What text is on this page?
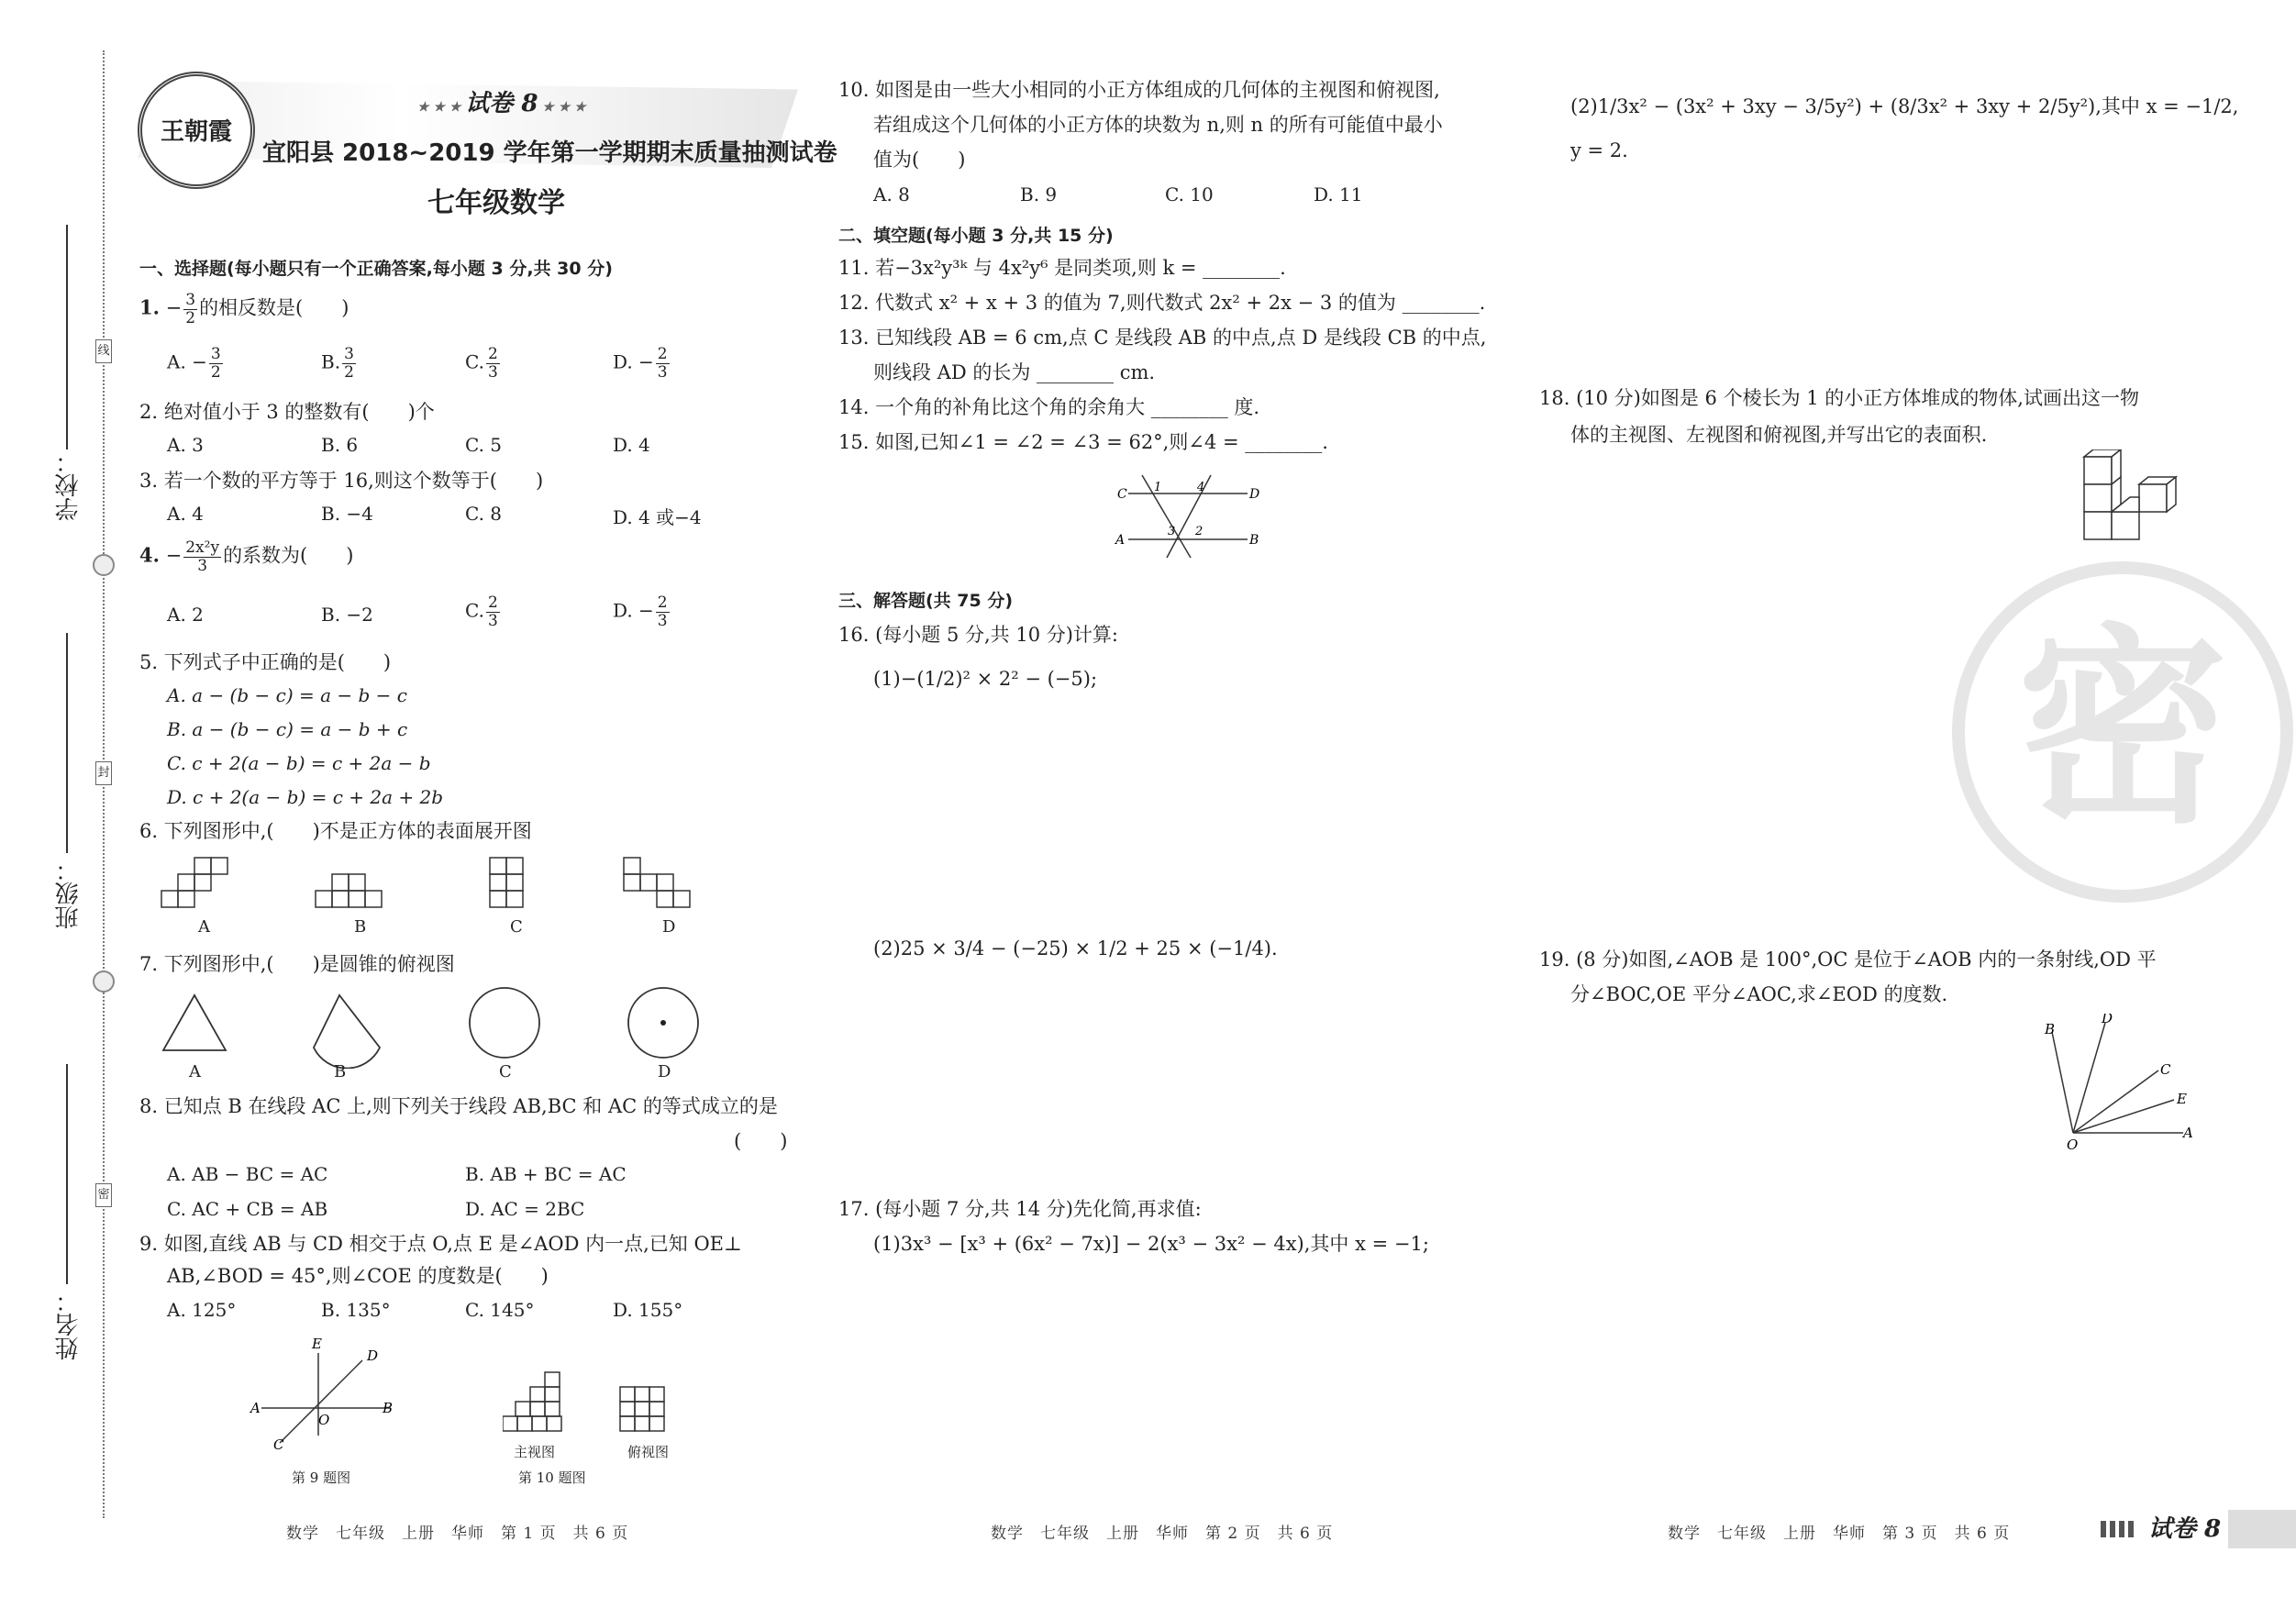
线
封
密
学校：
班级：
姓名：
王朝霞
★ ★ ★ 试卷 8 ★ ★ ★
宜阳县 2018~2019 学年第一学期期末质量抽测试卷
七年级数学
一、选择题(每小题只有一个正确答案,每小题 3 分,共 30 分)
1. − $\frac{3}{2}$ 的相反数是(　　)
A. − $\frac{3}{2}$	B. $\frac{3}{2}$	C. $\frac{2}{3}$	D. − $\frac{2}{3}$
2. 绝对值小于 3 的整数有(　　)个
A. 3	B. 6	C. 5	D. 4
3. 若一个数的平方等于 16,则这个数等于(　　)
A. 4	B. −4	C. 8	D. 4 或−4
4. − $\frac{\text{2x²y}}{3}$ 的系数为(　　)
A. 2	B. −2	C. $\frac{2}{3}$	D. − $\frac{2}{3}$
5. 下列式子中正确的是(　　)
A. a − (b − c) = a − b − c
B. a − (b − c) = a − b + c
C. c + 2(a − b) = c + 2a − b
D. c + 2(a − b) = c + 2a + 2b
6. 下列图形中,(　　)不是正方体的表面展开图
A	B	C	D
7. 下列图形中,(　　)是圆锥的俯视图
A	B	C	D
8. 已知点 B 在线段 AC 上,则下列关于线段 AB,BC 和 AC 的等式成立的是
(　　)
A. AB − BC = AC	B. AB + BC = AC
C. AC + CB = AB	D. AC = 2BC
9. 如图,直线 AB 与 CD 相交于点 O,点 E 是∠AOD 内一点,已知 OE⊥
AB,∠BOD = 45°,则∠COE 的度数是(　　)
A. 125°	B. 135°	C. 145°	D. 155°
E
D
A	B
O
C
第 9 题图
主视图	俯视图
第 10 题图
数学　七年级　上册　华师　第 1 页　共 6 页
10. 如图是由一些大小相同的小正方体组成的几何体的主视图和俯视图,
若组成这个几何体的小正方体的块数为 n,则 n 的所有可能值中最小
值为(　　)
A. 8	B. 9	C. 10	D. 11
二、填空题(每小题 3 分,共 15 分)
11. 若−3x²y³ᵏ 与 4x²y⁶ 是同类项,则 k = ________.
12. 代数式 x² + x + 3 的值为 7,则代数式 2x² + 2x − 3 的值为 ________.
13. 已知线段 AB = 6 cm,点 C 是线段 AB 的中点,点 D 是线段 CB 的中点,
则线段 AD 的长为 ________ cm.
14. 一个角的补角比这个角的余角大 ________ 度.
15. 如图,已知∠1 = ∠2 = ∠3 = 62°,则∠4 = ________.
C	D
A	B
1	4
3 2
三、解答题(共 75 分)
16. (每小题 5 分,共 10 分)计算:
(1)−(1/2)² × 2² − (−5);
(2)25 × 3/4 − (−25) × 1/2 + 25 × (−1/4).
17. (每小题 7 分,共 14 分)先化简,再求值:
(1)3x³ − [x³ + (6x² − 7x)] − 2(x³ − 3x² − 4x),其中 x = −1;
数学　七年级　上册　华师　第 2 页　共 6 页
(2)1/3x² − (3x² + 3xy − 3/5y²) + (8/3x² + 3xy + 2/5y²),其中 x = −1/2,
y = 2.
18. (10 分)如图是 6 个棱长为 1 的小正方体堆成的物体,试画出这一物
体的主视图、左视图和俯视图,并写出它的表面积.
密
19. (8 分)如图,∠AOB 是 100°,OC 是位于∠AOB 内的一条射线,OD 平
分∠BOC,OE 平分∠AOC,求∠EOD 的度数.
B
D
C
E
O
A
数学　七年级　上册　华师　第 3 页　共 6 页	试卷 8
